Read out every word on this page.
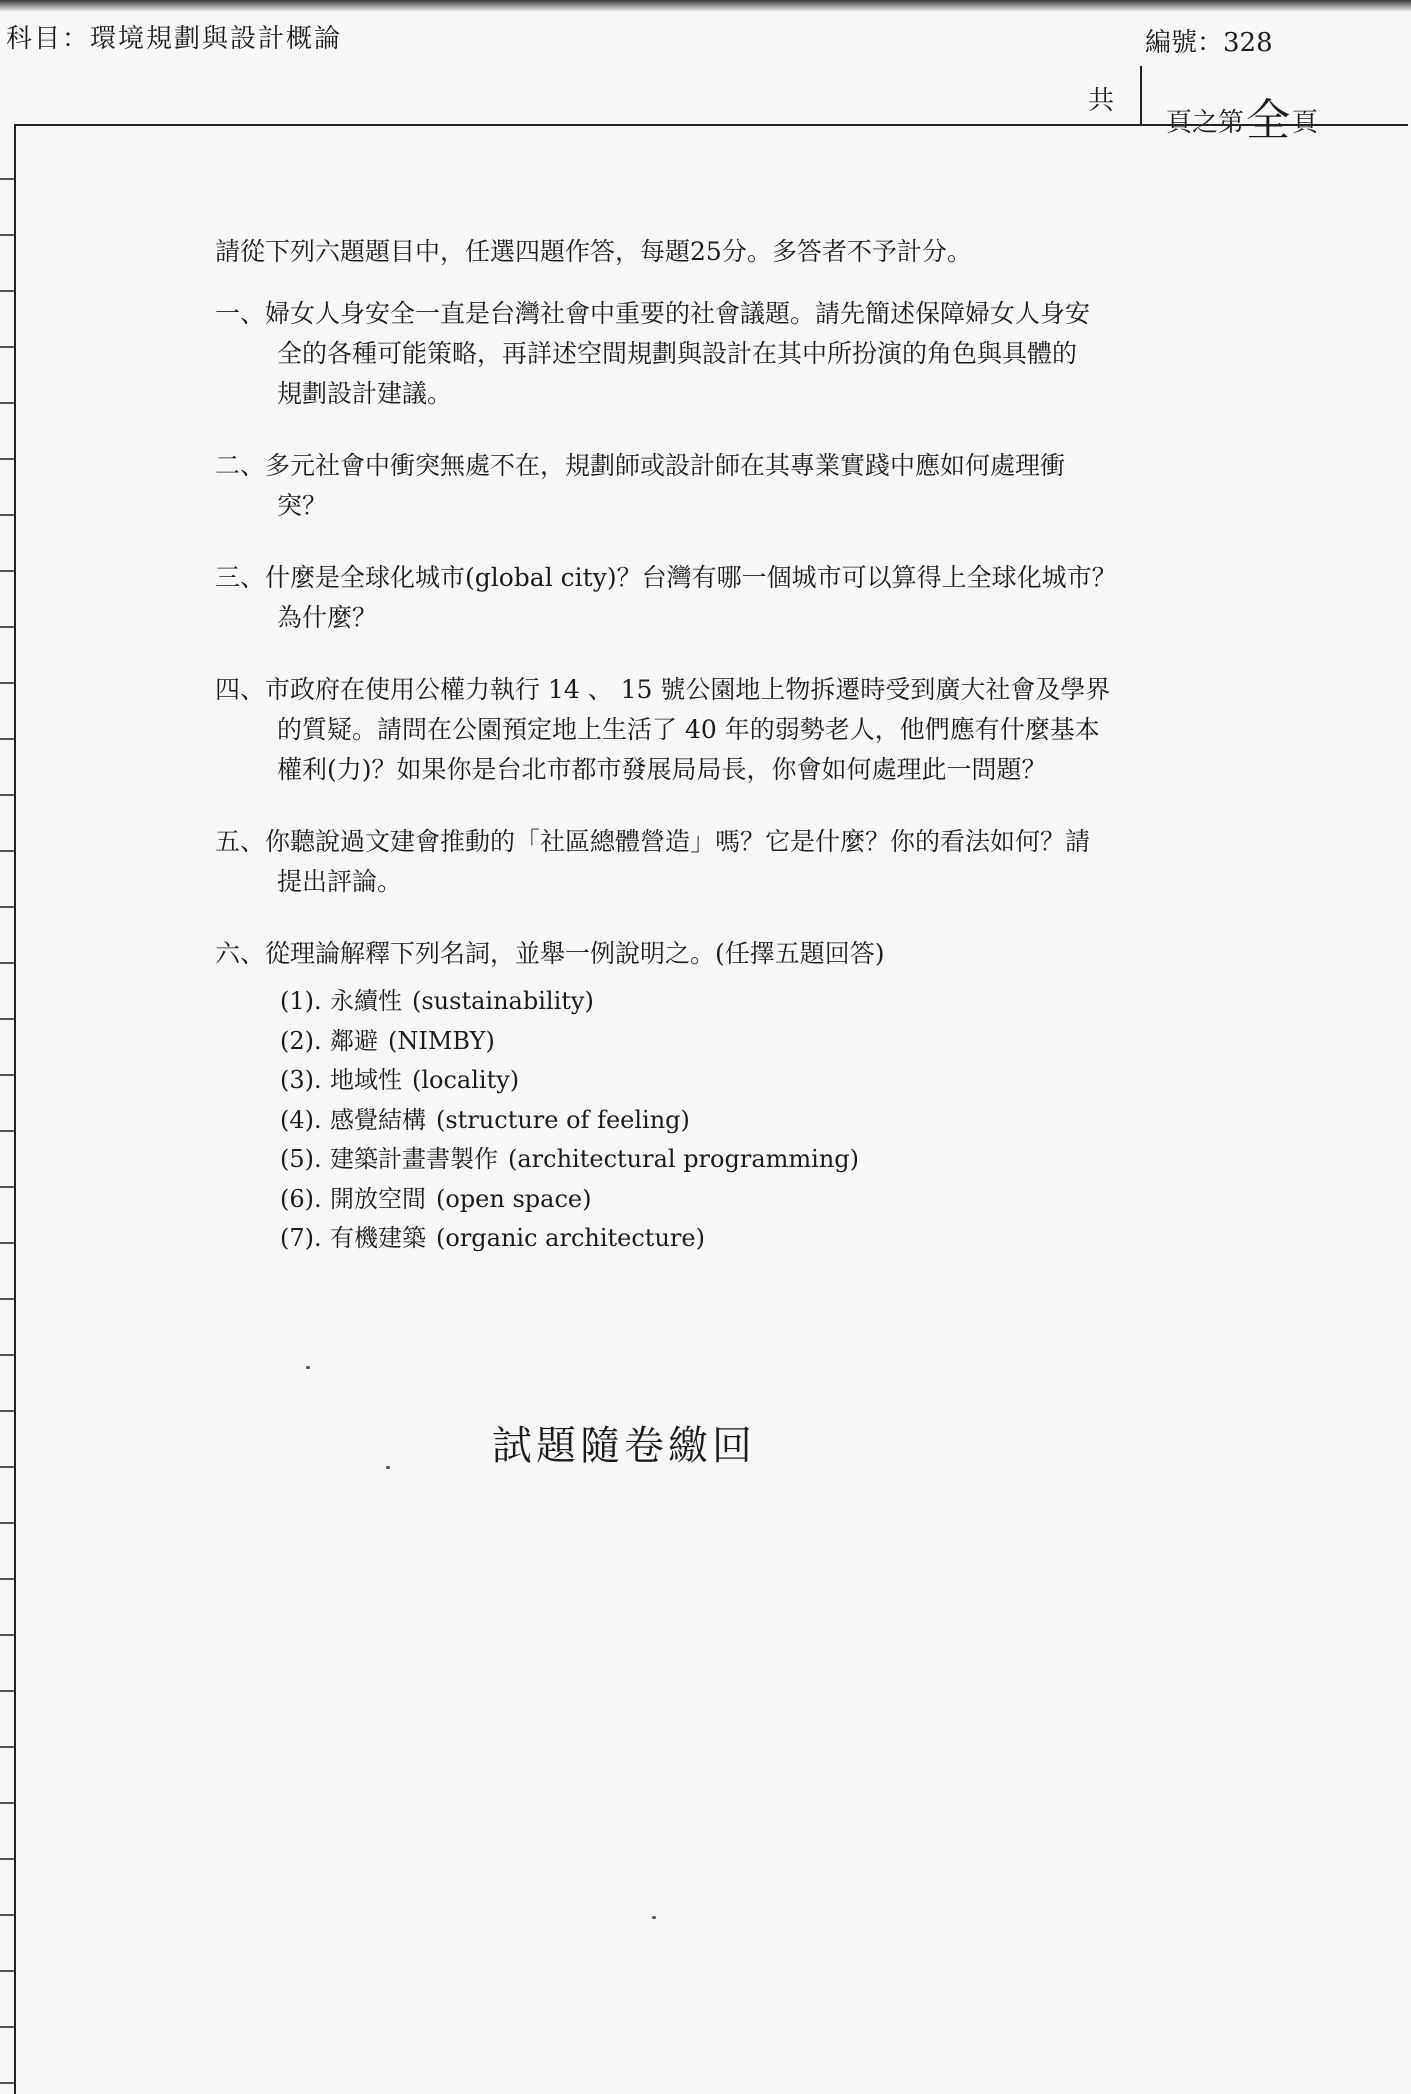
科目：環境規劃與設計概論	編號：328
共
頁之第全頁
請從下列六題題目中，任選四題作答，每題25分。多答者不予計分。
一、婦女人身安全一直是台灣社會中重要的社會議題。請先簡述保障婦女人身安
全的各種可能策略，再詳述空間規劃與設計在其中所扮演的角色與具體的
規劃設計建議。
二、多元社會中衝突無處不在，規劃師或設計師在其專業實踐中應如何處理衝
突？
三、什麼是全球化城市(global city)？台灣有哪一個城市可以算得上全球化城市？
為什麼？
四、市政府在使用公權力執行 14 、 15 號公園地上物拆遷時受到廣大社會及學界
的質疑。請問在公園預定地上生活了 40 年的弱勢老人，他們應有什麼基本
權利(力)？如果你是台北市都市發展局局長，你會如何處理此一問題？
五、你聽說過文建會推動的「社區總體營造」嗎？它是什麼？你的看法如何？請
提出評論。
六、從理論解釋下列名詞，並舉一例說明之。(任擇五題回答)
(1). 永續性 (sustainability)
(2). 鄰避 (NIMBY)
(3). 地域性 (locality)
(4). 感覺結構 (structure of feeling)
(5). 建築計畫書製作 (architectural programming)
(6). 開放空間 (open space)
(7). 有機建築 (organic architecture)
試題隨卷繳回
